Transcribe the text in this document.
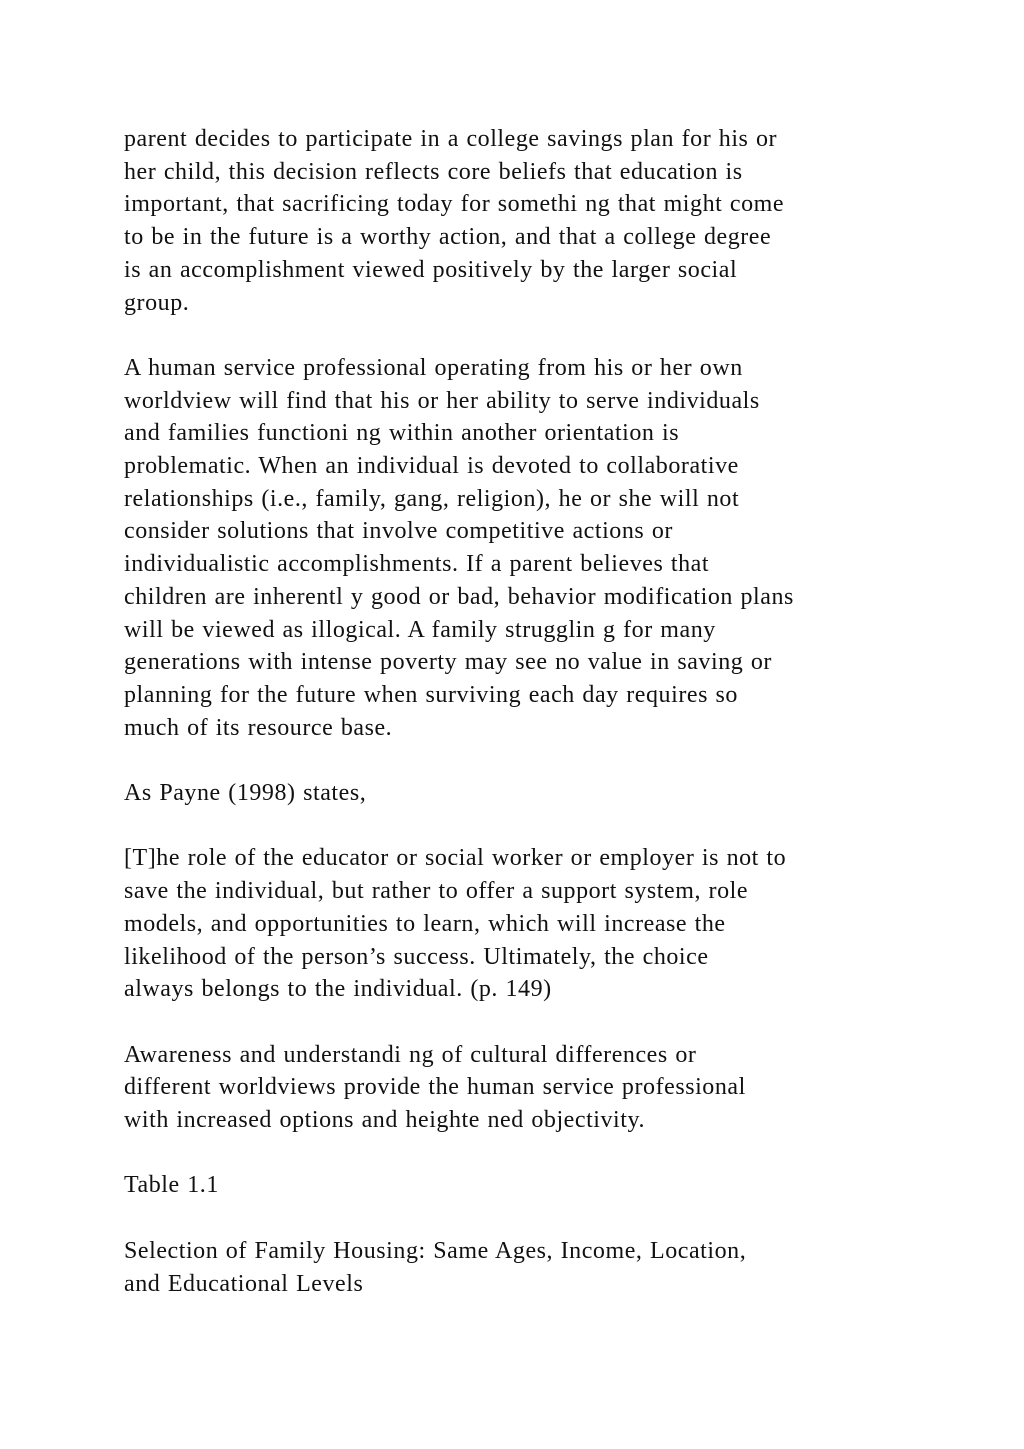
parent decides to participate in a college savings plan for his or
her child, this decision reflects core beliefs that education is
important, that sacrificing today for somethi ng that might come
to be in the future is a worthy action, and that a college degree
is an accomplishment viewed positively by the larger social
group.

A human service professional operating from his or her own
worldview will find that his or her ability to serve individuals
and families functioni ng within another orientation is
problematic. When an individual is devoted to collaborative
relationships (i.e., family, gang, religion), he or she will not
consider solutions that involve competitive actions or
individualistic accomplishments. If a parent believes that
children are inherentl y good or bad, behavior modification plans
will be viewed as illogical. A family strugglin g for many
generations with intense poverty may see no value in saving or
planning for the future when surviving each day requires so
much of its resource base.

As Payne (1998) states,

[T]he role of the educator or social worker or employer is not to
save the individual, but rather to offer a support system, role
models, and opportunities to learn, which will increase the
likelihood of the person’s success. Ultimately, the choice
always belongs to the individual. (p. 149)

Awareness and understandi ng of cultural differences or
different worldviews provide the human service professional
with increased options and heighte ned objectivity.

Table 1.1

Selection of Family Housing: Same Ages, Income, Location,
and Educational Levels
